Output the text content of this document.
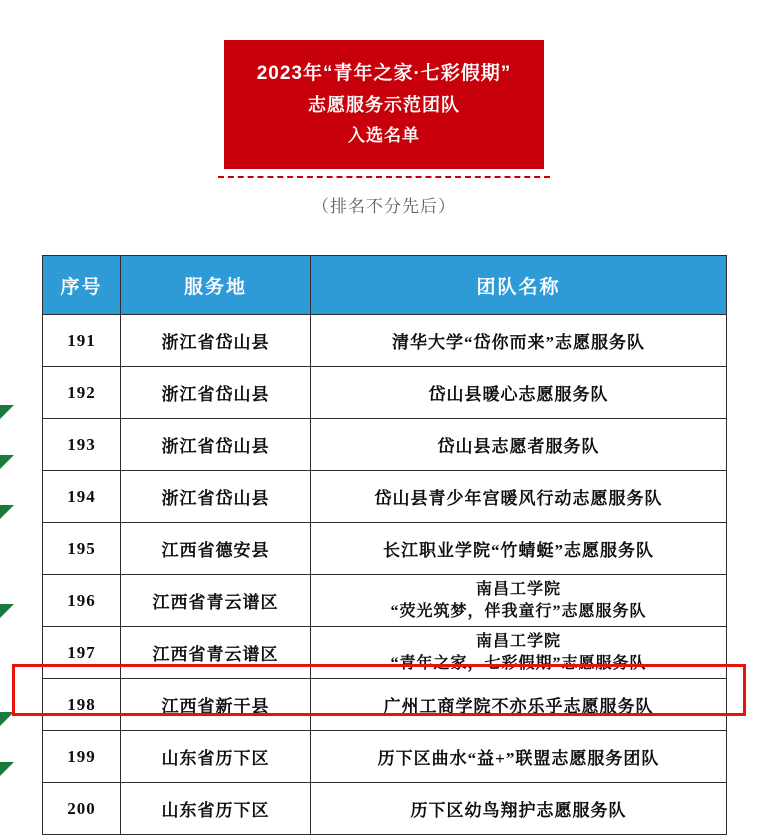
2023年“青年之家·七彩假期”
志愿服务示范团队
入选名单
（排名不分先后）
序号	服务地	团队名称
191	浙江省岱山县	清华大学“岱你而来”志愿服务队
192	浙江省岱山县	岱山县暖心志愿服务队
193	浙江省岱山县	岱山县志愿者服务队
194	浙江省岱山县	岱山县青少年宫暖风行动志愿服务队
195	江西省德安县	长江职业学院“竹蜻蜓”志愿服务队
196	江西省青云谱区	南昌工学院
“荧光筑梦，伴我童行”志愿服务队

197	江西省青云谱区	南昌工学院
“青年之家，七彩假期”志愿服务队

198	江西省新干县	广州工商学院不亦乐乎志愿服务队
199	山东省历下区	历下区曲水“益+”联盟志愿服务团队
200	山东省历下区	历下区幼鸟翔护志愿服务队
